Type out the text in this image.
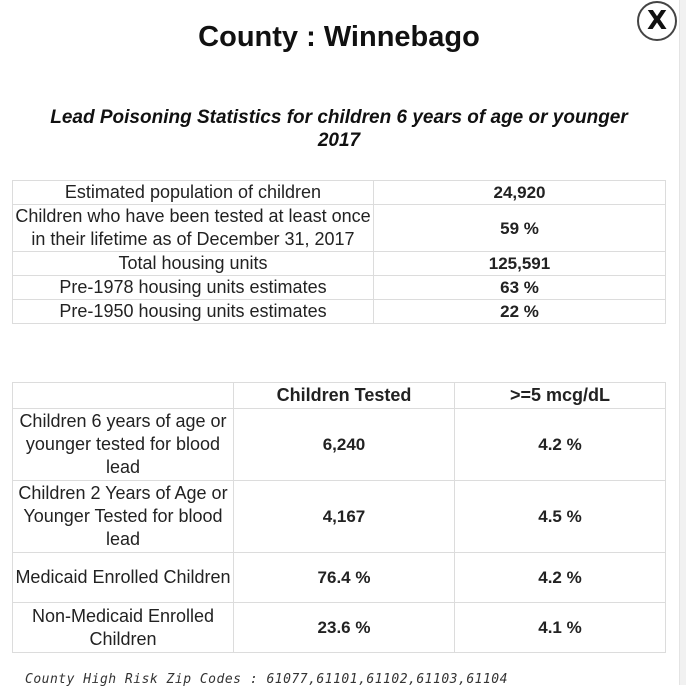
X
County : Winnebago
Lead Poisoning Statistics for children 6 years of age or younger
2017
Estimated population of children	24,920
Children who have been tested at least once in their lifetime as of December 31, 2017	59 %
Total housing units	125,591
Pre-1978 housing units estimates	63 %
Pre-1950 housing units estimates	22 %
	Children Tested	>=5 mcg/dL
Children 6 years of age or younger tested for blood lead	6,240	4.2 %
Children 2 Years of Age or Younger Tested for blood lead	4,167	4.5 %
Medicaid Enrolled Children	76.4 %	4.2 %
Non-Medicaid Enrolled Children	23.6 %	4.1 %
County High Risk Zip Codes : 61077,61101,61102,61103,61104
